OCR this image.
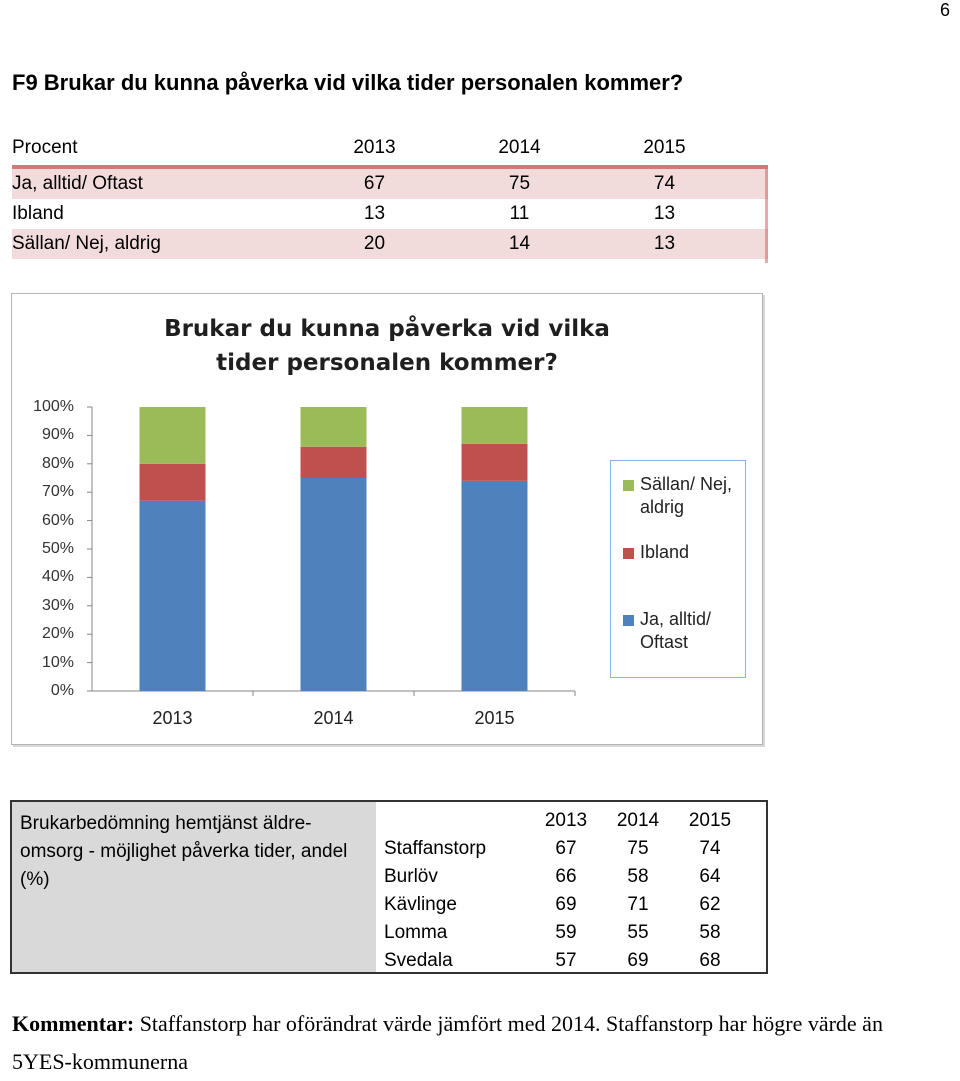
6
F9 Brukar du kunna påverka vid vilka tider personalen kommer?
Procent	2013	2014	2015
Ja, alltid/ Oftast	67	75	74
Ibland	13	11	13
Sällan/ Nej, aldrig	20	14	13
Brukar du kunna påverka vid vilka tider personalen kommer?
0%
10%
20%
30%
40%
50%
60%
70%
80%
90%
100%
2013	2014	2015
Sällan/ Nej, aldrig
Ibland
Ja, alltid/ Oftast
Brukarbedömning hemtjänst äldre-omsorg - möjlighet påverka tider, andel (%)
2013	2014	2015
Staffanstorp	67	75	74
Burlöv	66	58	64
Kävlinge	69	71	62
Lomma	59	55	58
Svedala	57	69	68
Kommentar: Staffanstorp har oförändrat värde jämfört med 2014. Staffanstorp har högre värde än 5YES-kommunerna
